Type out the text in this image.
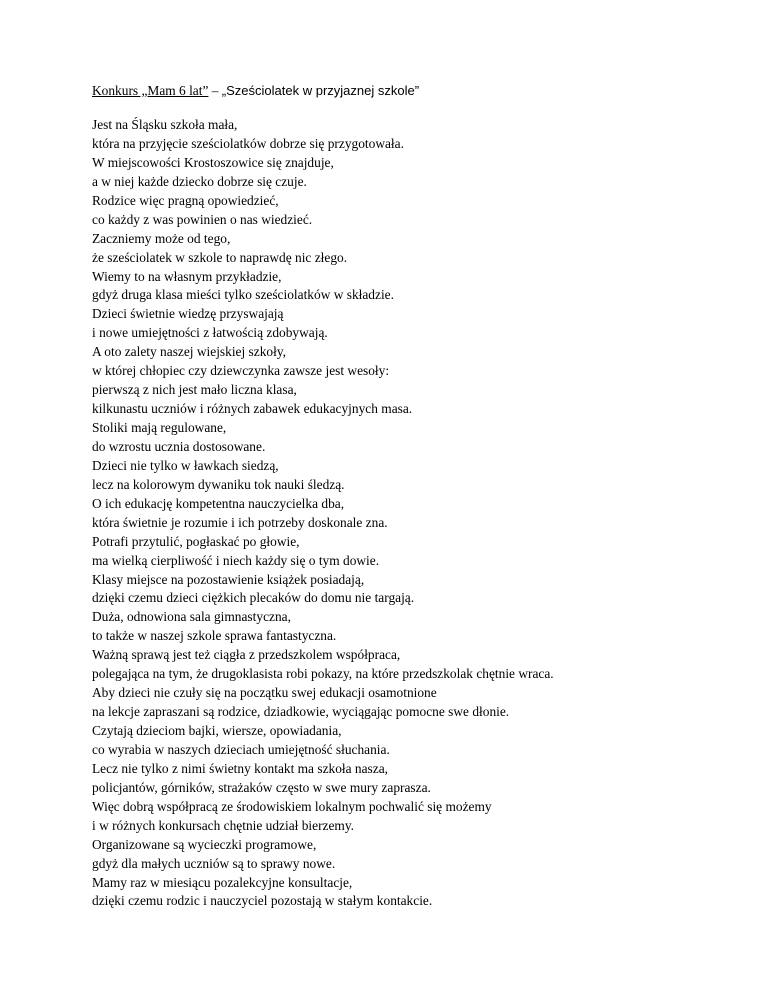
Konkurs „Mam 6 lat” – „Sześciolatek w przyjaznej szkole”
Jest na Śląsku szkoła mała,
która na przyjęcie sześciolatków dobrze się przygotowała.
W miejscowości Krostoszowice się znajduje,
a w niej każde dziecko dobrze się czuje.
Rodzice więc pragną opowiedzieć,
co każdy z was powinien o nas wiedzieć.
Zaczniemy może od tego,
że sześciolatek w szkole to naprawdę nic złego.
Wiemy to na własnym przykładzie,
gdyż druga klasa mieści tylko sześciolatków w składzie.
Dzieci świetnie wiedzę przyswajają
i nowe umiejętności z łatwością zdobywają.
A oto zalety naszej wiejskiej szkoły,
w której chłopiec czy dziewczynka zawsze jest wesoły:
pierwszą z nich jest mało liczna klasa,
kilkunastu uczniów i różnych zabawek edukacyjnych masa.
Stoliki mają regulowane,
do wzrostu ucznia dostosowane.
Dzieci nie tylko w ławkach siedzą,
lecz na kolorowym dywaniku tok nauki śledzą.
O ich edukację kompetentna nauczycielka dba,
która świetnie je rozumie i ich potrzeby doskonale zna.
Potrafi przytulić, pogłaskać po głowie,
ma wielką cierpliwość i niech każdy się o tym dowie.
Klasy miejsce na pozostawienie książek posiadają,
dzięki czemu dzieci ciężkich plecaków do domu nie targają.
Duża, odnowiona sala gimnastyczna,
to także w naszej szkole sprawa fantastyczna.
Ważną sprawą jest też ciągła z przedszkolem współpraca,
polegająca na tym, że drugoklasista robi pokazy, na które przedszkolak chętnie wraca.
Aby dzieci nie czuły się na początku swej edukacji osamotnione
na lekcje zapraszani są rodzice, dziadkowie, wyciągając pomocne swe dłonie.
Czytają dzieciom bajki, wiersze, opowiadania,
co wyrabia w naszych dzieciach umiejętność słuchania.
Lecz nie tylko z nimi świetny kontakt ma szkoła nasza,
policjantów, górników, strażaków często w swe mury zaprasza.
Więc dobrą współpracą ze środowiskiem lokalnym pochwalić się możemy
i w różnych konkursach chętnie udział bierzemy.
Organizowane są wycieczki programowe,
gdyż dla małych uczniów są to sprawy nowe.
Mamy raz w miesiącu pozalekcyjne konsultacje,
dzięki czemu rodzic i nauczyciel pozostają w stałym kontakcie.
